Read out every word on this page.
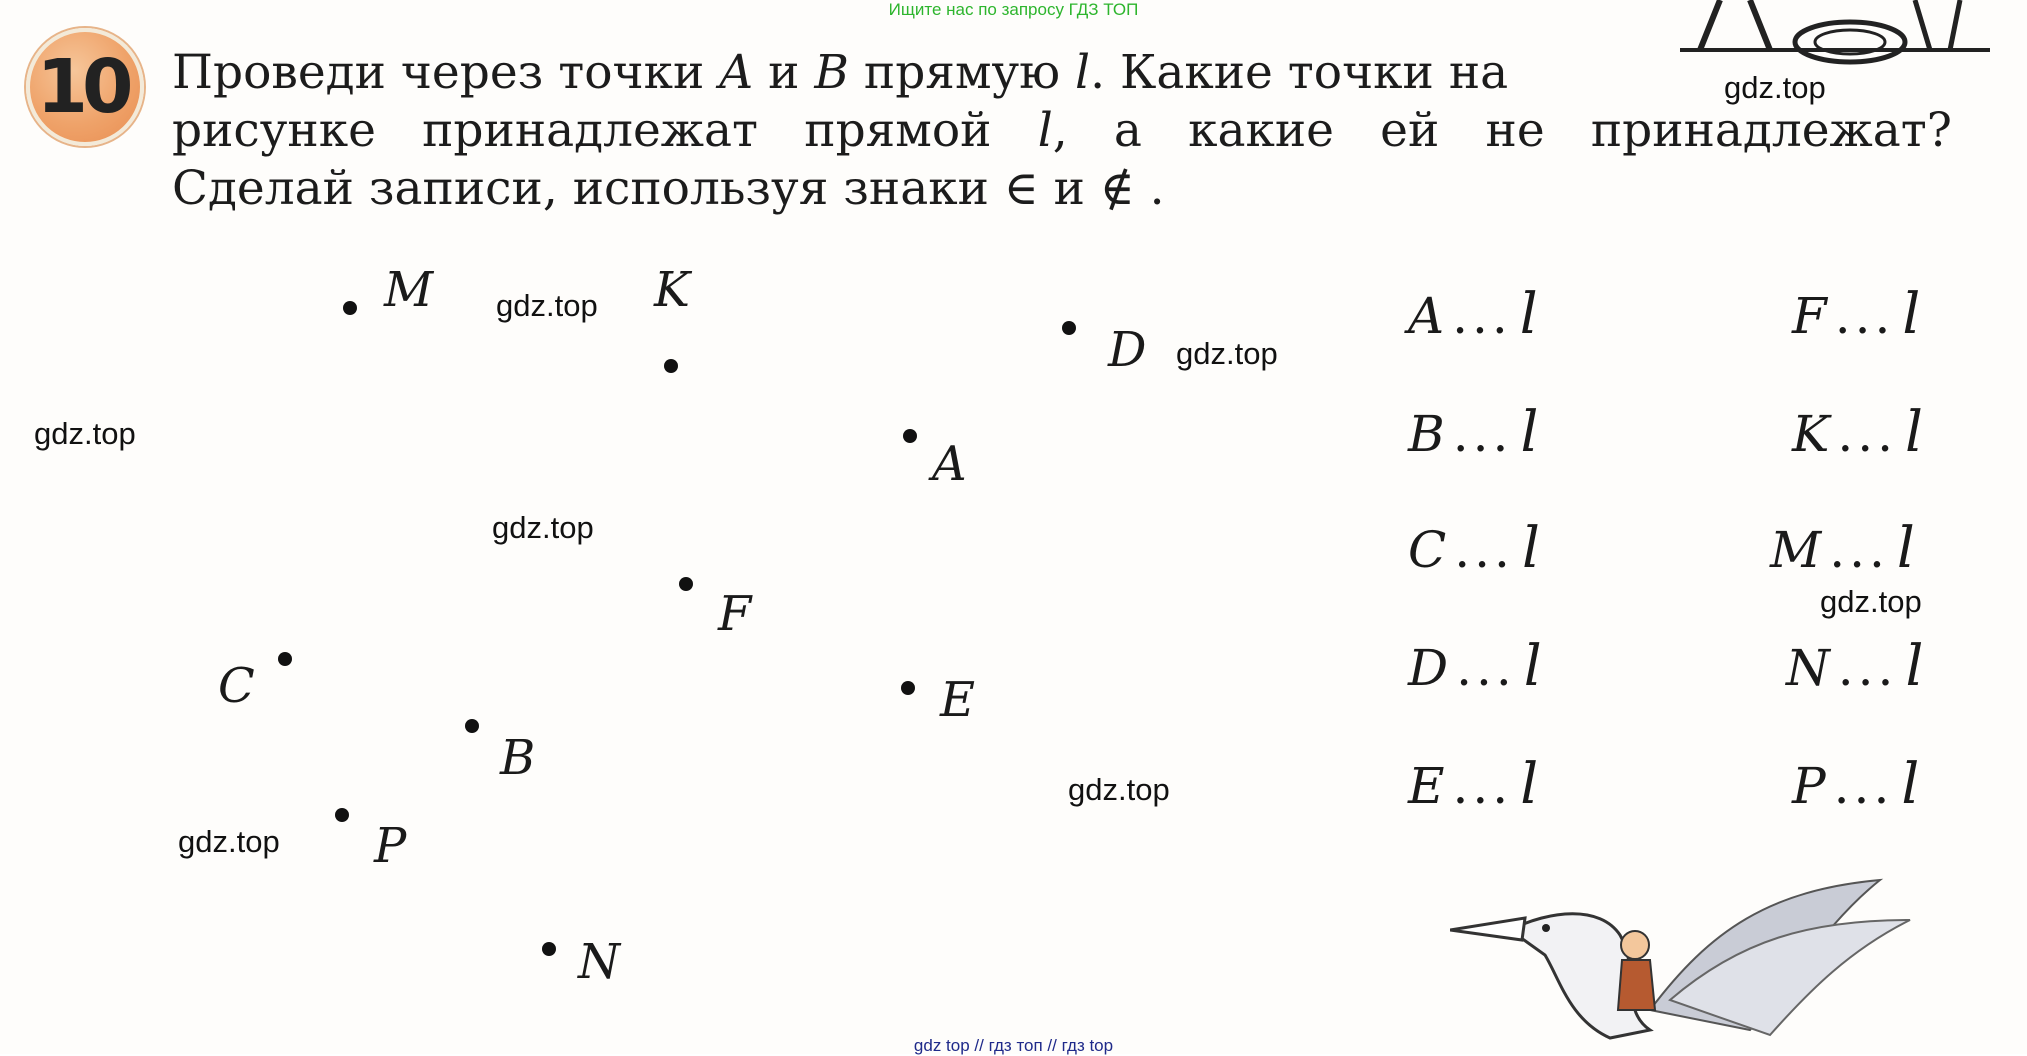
Ищите нас по запросу ГДЗ ТОП
10 Проведи через точки A и B прямую l. Какие точки на
рисунке принадлежат прямой l, а какие ей не принадлежат?
Сделай записи, используя знаки ∈ и ∉ .
M	K
D
A
F
C	E
B
P
N
A ... l
B ... l
C ... l
D ... l
E ... l
F ... l
K ... l
M ... l
N ... l
P ... l
gdz.top
gdz.top
gdz.top
gdz.top
gdz.top
gdz.top
gdz.top
gdz.top
gdz top // гдз топ // гдз top
